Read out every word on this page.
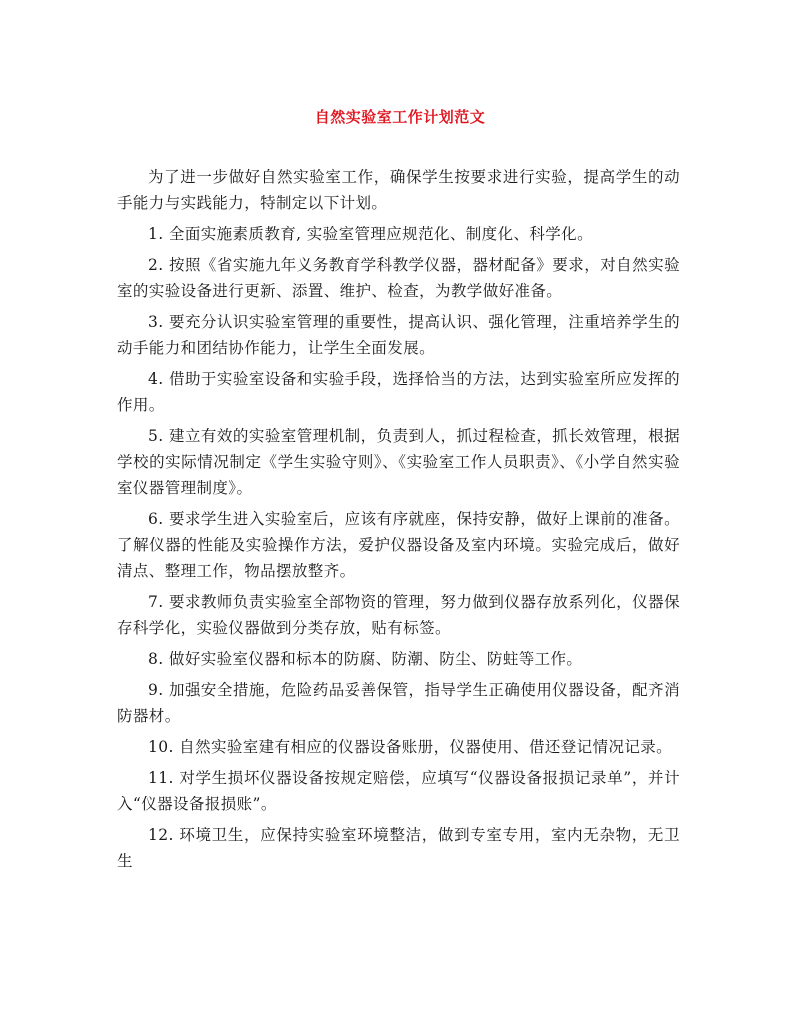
自然实验室工作计划范文

为了进一步做好自然实验室工作，确保学生按要求进行实验，提高学生的动手能力与实践能力，特制定以下计划。

1. 全面实施素质教育, 实验室管理应规范化、制度化、科学化。

2. 按照《省实施九年义务教育学科教学仪器，器材配备》要求，对自然实验室的实验设备进行更新、添置、维护、检查，为教学做好准备。

3. 要充分认识实验室管理的重要性，提高认识、强化管理，注重培养学生的动手能力和团结协作能力，让学生全面发展。

4. 借助于实验室设备和实验手段，选择恰当的方法，达到实验室所应发挥的作用。

5. 建立有效的实验室管理机制，负责到人，抓过程检查，抓长效管理，根据学校的实际情况制定《学生实验守则》、《实验室工作人员职责》、《小学自然实验室仪器管理制度》。

6. 要求学生进入实验室后，应该有序就座，保持安静，做好上课前的准备。了解仪器的性能及实验操作方法，爱护仪器设备及室内环境。实验完成后，做好清点、整理工作，物品摆放整齐。

7. 要求教师负责实验室全部物资的管理，努力做到仪器存放系列化，仪器保存科学化，实验仪器做到分类存放，贴有标签。

8. 做好实验室仪器和标本的防腐、防潮、防尘、防蛀等工作。

9. 加强安全措施，危险药品妥善保管，指导学生正确使用仪器设备，配齐消防器材。

10. 自然实验室建有相应的仪器设备账册，仪器使用、借还登记情况记录。

11. 对学生损坏仪器设备按规定赔偿，应填写“仪器设备报损记录单”，并计入“仪器设备报损账”。

12. 环境卫生，应保持实验室环境整洁，做到专室专用，室内无杂物，无卫生
